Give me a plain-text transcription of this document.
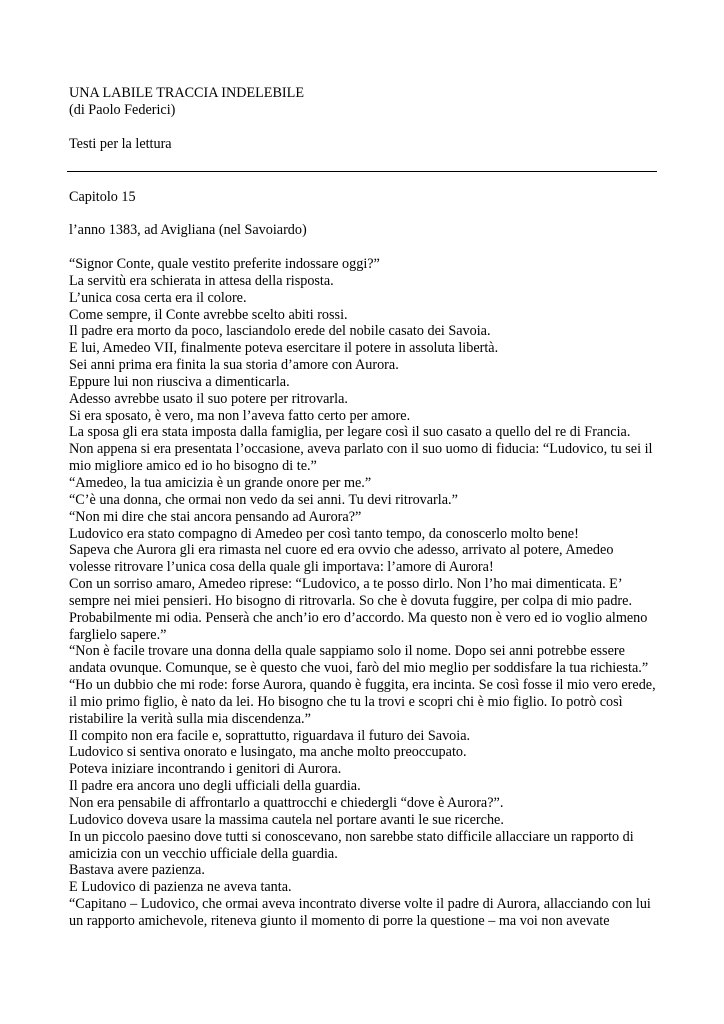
UNA LABILE TRACCIA INDELEBILE
(di Paolo Federici)
Testi per la lettura
Capitolo 15
l’anno 1383, ad Avigliana (nel Savoiardo)

“Signor Conte, quale vestito preferite indossare oggi?”

La servitù era schierata in attesa della risposta.

L’unica cosa certa era il colore.

Come sempre, il Conte avrebbe scelto abiti rossi.

Il padre era morto da poco, lasciandolo erede del nobile casato dei Savoia.

E lui, Amedeo VII, finalmente poteva esercitare il potere in assoluta libertà.

Sei anni prima era finita la sua storia d’amore con Aurora.

Eppure lui non riusciva a dimenticarla.

Adesso avrebbe usato il suo potere per ritrovarla.

Si era sposato, è vero, ma non l’aveva fatto certo per amore.

La sposa gli era stata imposta dalla famiglia, per legare così il suo casato a quello del re di Francia.

Non appena si era presentata l’occasione, aveva parlato con il suo uomo di fiducia: “Ludovico, tu sei il mio migliore amico ed io ho bisogno di te.”

“Amedeo, la tua amicizia è un grande onore per me.”

“C’è una donna, che ormai non vedo da sei anni. Tu devi ritrovarla.”

“Non mi dire che stai ancora pensando ad Aurora?”

Ludovico era stato compagno di Amedeo per così tanto tempo, da conoscerlo molto bene!

Sapeva che Aurora gli era rimasta nel cuore ed era ovvio che adesso, arrivato al potere, Amedeo volesse ritrovare l’unica cosa della quale gli importava: l’amore di Aurora!

Con un sorriso amaro, Amedeo riprese: “Ludovico, a te posso dirlo. Non l’ho mai dimenticata. E’ sempre nei miei pensieri. Ho bisogno di ritrovarla. So che è dovuta fuggire, per colpa di mio padre. Probabilmente mi odia. Penserà che anch’io ero d’accordo. Ma questo non è vero ed io voglio almeno farglielo sapere.”

“Non è facile trovare una donna della quale sappiamo solo il nome. Dopo sei anni potrebbe essere andata ovunque. Comunque, se è questo che vuoi, farò del mio meglio per soddisfare la tua richiesta.”

“Ho un dubbio che mi rode: forse Aurora, quando è fuggita, era incinta. Se così fosse il mio vero erede, il mio primo figlio, è nato da lei. Ho bisogno che tu la trovi e scopri chi è mio figlio. Io potrò così ristabilire la verità sulla mia discendenza.”

Il compito non era facile e, soprattutto, riguardava il futuro dei Savoia.

Ludovico si sentiva onorato e lusingato, ma anche molto preoccupato.

Poteva iniziare incontrando i genitori di Aurora.

Il padre era ancora uno degli ufficiali della guardia.

Non era pensabile di affrontarlo a quattrocchi e chiedergli “dove è Aurora?”.

Ludovico doveva usare la massima cautela nel portare avanti le sue ricerche.

In un piccolo paesino dove tutti si conoscevano, non sarebbe stato difficile allacciare un rapporto di amicizia con un vecchio ufficiale della guardia.

Bastava avere pazienza.

E Ludovico di pazienza ne aveva tanta.

“Capitano – Ludovico, che ormai aveva incontrato diverse volte il padre di Aurora, allacciando con lui un rapporto amichevole, riteneva giunto il momento di porre la questione – ma voi non avevate
